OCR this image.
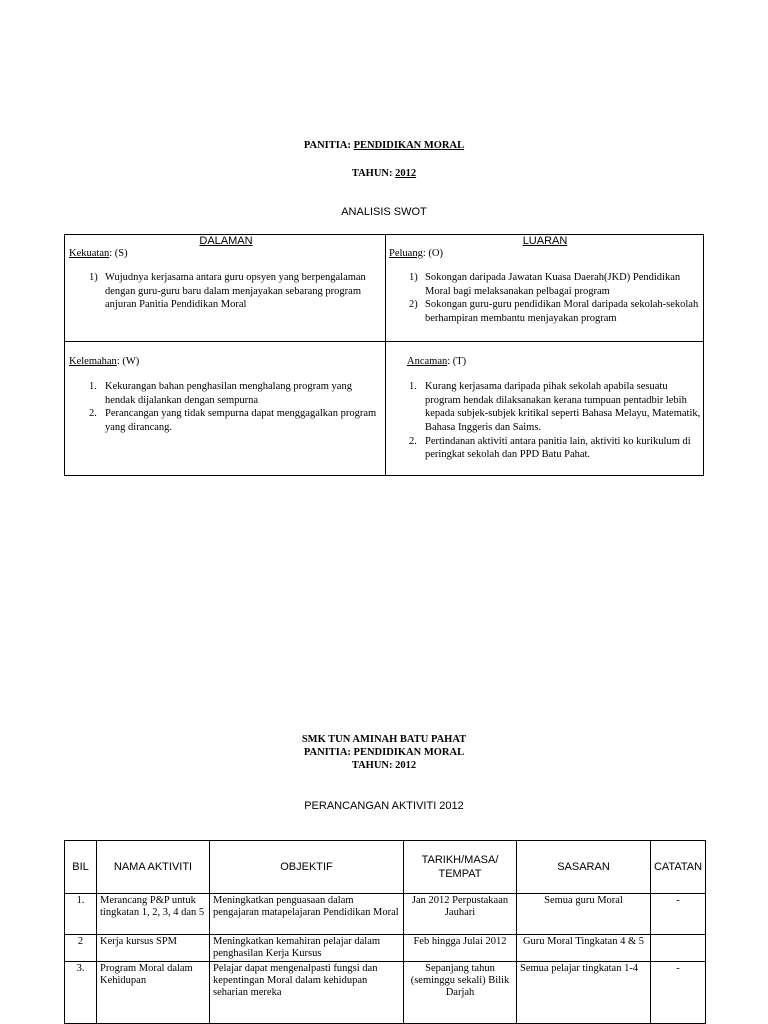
PANITIA: PENDIDIKAN MORAL
TAHUN: 2012
ANALISIS SWOT
DALAMAN
Kekuatan: (S)
1) Wujudnya kerjasama antara guru opsyen yang berpengalaman dengan guru-guru baru dalam menjayakan sebarang program anjuran Panitia Pendidikan Moral
LUARAN
Peluang: (O)
1) Sokongan daripada Jawatan Kuasa Daerah(JKD) Pendidikan Moral bagi melaksanakan pelbagai program
2) Sokongan guru-guru pendidikan Moral daripada sekolah-sekolah berhampiran membantu menjayakan program
Kelemahan: (W)
1. Kekurangan bahan penghasilan menghalang program yang hendak dijalankan dengan sempurna
2. Perancangan yang tidak sempurna dapat menggagalkan program yang dirancang.
Ancaman: (T)
1. Kurang kerjasama daripada pihak sekolah apabila sesuatu program hendak dilaksanakan kerana tumpuan pentadbir lebih kepada subjek-subjek kritikal seperti Bahasa Melayu, Matematik, Bahasa Inggeris dan Saims.
2. Pertindanan aktiviti antara panitia lain, aktiviti ko kurikulum di peringkat sekolah dan PPD Batu Pahat.
SMK TUN AMINAH BATU PAHAT
PANITIA: PENDIDIKAN MORAL
TAHUN: 2012
PERANCANGAN AKTIVITI 2012
BIL	NAMA AKTIVITI	OBJEKTIF	TARIKH/MASA/ TEMPAT	SASARAN	CATATAN
1.	Merancang P&P untuk tingkatan 1, 2, 3, 4 dan 5	Meningkatkan penguasaan dalam pengajaran matapelajaran Pendidikan Moral	Jan 2012 Perpustakaan Jauhari	Semua guru Moral	-
2	Kerja kursus SPM	Meningkatkan kemahiran pelajar dalam penghasilan Kerja Kursus	Feb hingga Julai 2012	Guru Moral Tingkatan 4 & 5	
3.	Program Moral dalam Kehidupan	Pelajar dapat mengenalpasti fungsi dan kepentingan Moral dalam kehidupan seharian mereka	Sepanjang tahun (seminggu sekali) Bilik Darjah	Semua pelajar tingkatan 1-4	-
